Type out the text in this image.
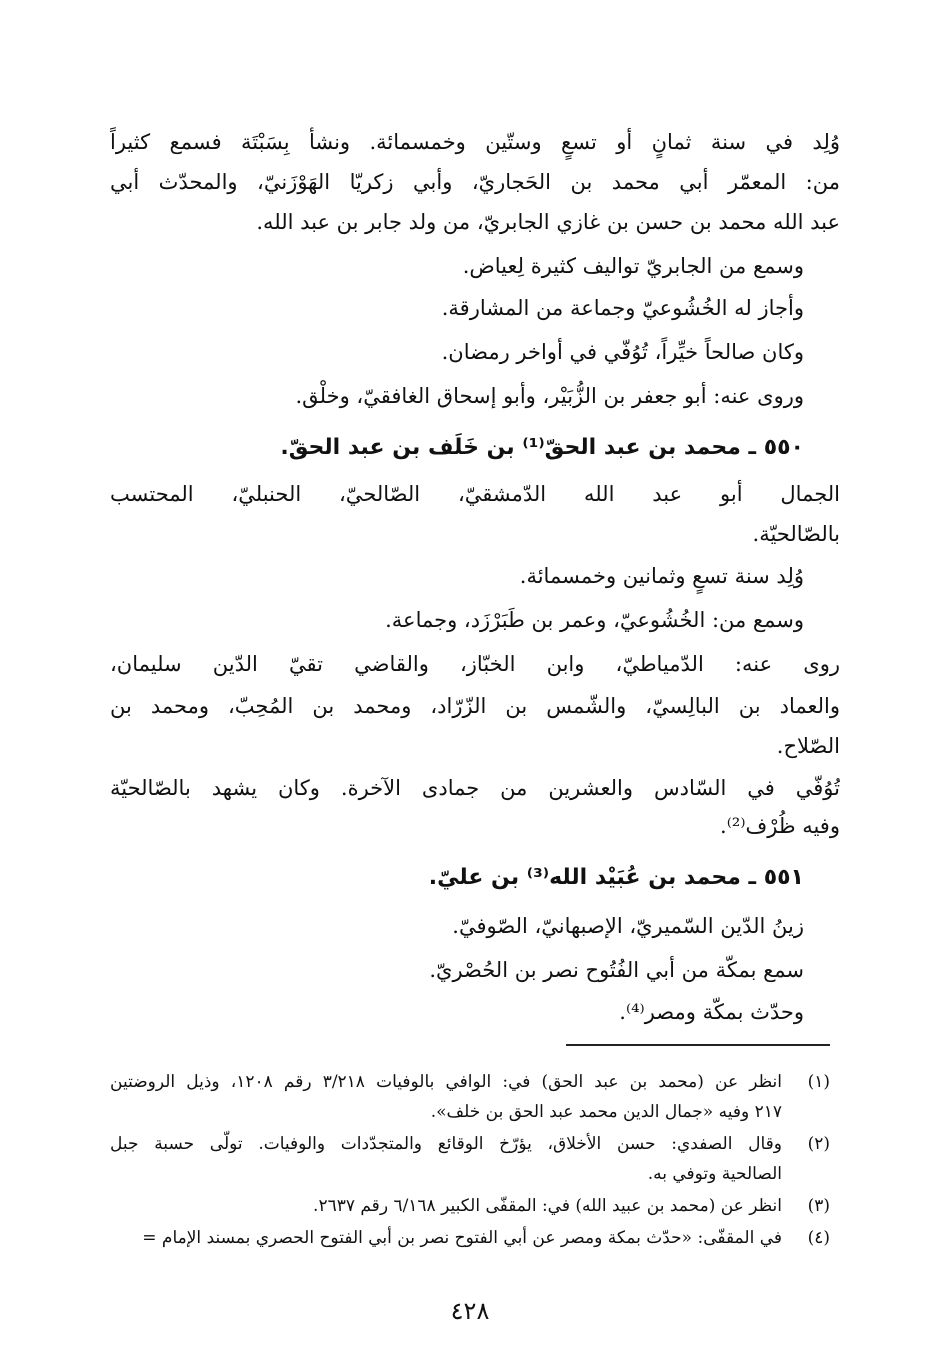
وُلِد في سنة ثمانٍ أو تسعٍ وستّين وخمسمائة. ونشأ بِسَبْتَة فسمع كثيراً
من: المعمّر أبي محمد بن الحَجاريّ، وأبي زكريّا الهَوْزَنيّ، والمحدّث أبي
عبد الله محمد بن حسن بن غازي الجابريّ، من ولد جابر بن عبد الله.
وسمع من الجابريّ تواليف كثيرة لِعياض.
وأجاز له الخُشُوعيّ وجماعة من المشارقة.
وكان صالحاً خيِّراً، تُوُفّي في أواخر رمضان.
وروى عنه: أبو جعفر بن الزُّبَيْر، وأبو إسحاق الغافقيّ، وخلْق.
٥٥٠ ـ محمد بن عبد الحقّ⁽¹⁾ بن خَلَف بن عبد الحقّ.
الجمال أبو عبد الله الدّمشقيّ، الصّالحيّ، الحنبليّ، المحتسب
بالصّالحيّة.
وُلِد سنة تسعٍ وثمانين وخمسمائة.
وسمع من: الخُشُوعيّ، وعمر بن طَبَرْزَد، وجماعة.
روى عنه: الدّمياطيّ، وابن الخبّاز، والقاضي تقيّ الدّين سليمان،
والعماد بن البالِسيّ، والشّمس بن الزّرّاد، ومحمد بن المُحِبّ، ومحمد بن
الصّلاح.
تُوُفّي في السّادس والعشرين من جمادى الآخرة. وكان يشهد بالصّالحيّة
وفيه ظُرْف⁽²⁾.
٥٥١ ـ محمد بن عُبَيْد الله⁽³⁾ بن عليّ.
زينُ الدّين السّميريّ، الإصبهانيّ، الصّوفيّ.
سمع بمكّة من أبي الفُتُوح نصر بن الحُصْريّ.
وحدّث بمكّة ومصر⁽⁴⁾.
(١)
انظر عن (محمد بن عبد الحق) في: الوافي بالوفيات ٣/٢١٨ رقم ١٢٠٨، وذيل الروضتين
٢١٧ وفيه «جمال الدين محمد عبد الحق بن خلف».
(٢)
وقال الصفدي: حسن الأخلاق، يؤرّخ الوقائع والمتجدّدات والوفيات. تولّى حسبة جبل
الصالحية وتوفي به.
(٣)
انظر عن (محمد بن عبيد الله) في: المقفّى الكبير ٦/١٦٨ رقم ٢٦٣٧.
(٤)
في المقفّى: «حدّث بمكة ومصر عن أبي الفتوح نصر بن أبي الفتوح الحصري بمسند الإمام =
٤٢٨
